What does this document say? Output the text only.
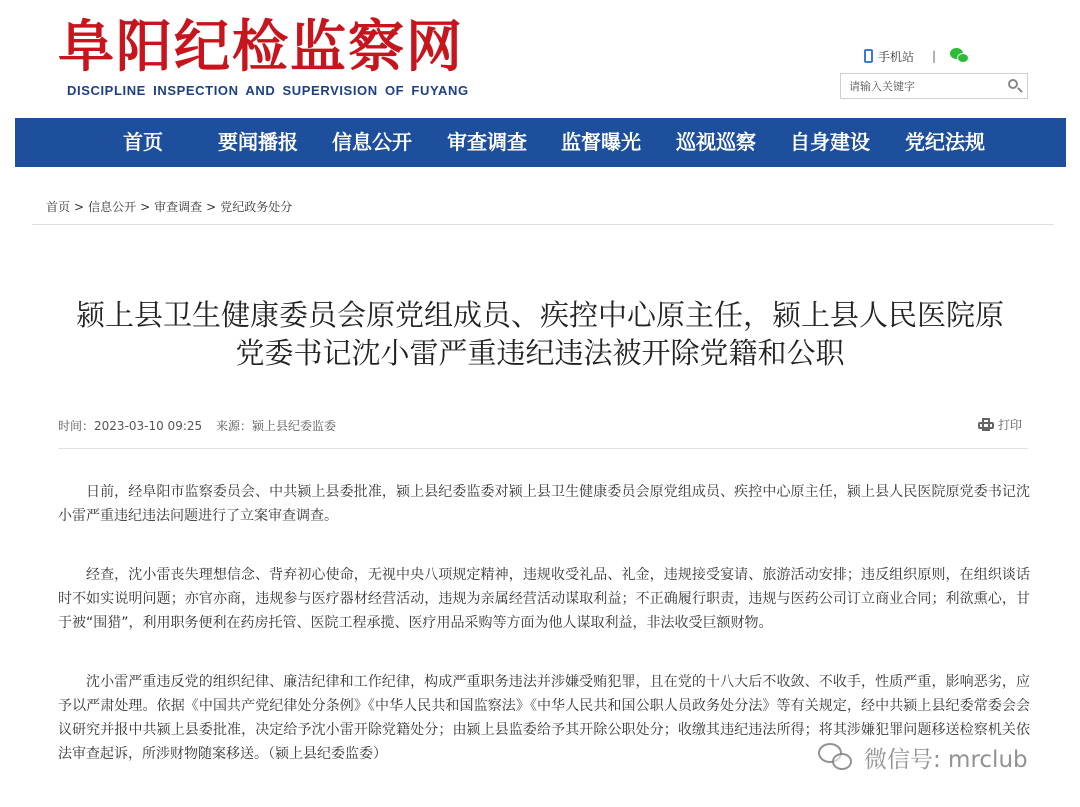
阜阳纪检监察网
DISCIPLINE INSPECTION AND SUPERVISION OF FUYANG
手机站 |
请输入关键字
首页	要闻播报 信息公开 审查调查 监督曝光 巡视巡察 自身建设 党纪法规
首页 > 信息公开 > 审查调查 > 党纪政务处分
颍上县卫生健康委员会原党组成员、疾控中心原主任，颍上县人民医院原
党委书记沈小雷严重违纪违法被开除党籍和公职
时间：2023-03-10 09:25 来源：颍上县纪委监委	打印

日前，经阜阳市监察委员会、中共颍上县委批准，颍上县纪委监委对颍上县卫生健康委员会原党组成员、疾控中心原主任，颍上县人民医院原党委书记沈小雷严重违纪违法问题进行了立案审查调查。

经查，沈小雷丧失理想信念、背弃初心使命，无视中央八项规定精神，违规收受礼品、礼金，违规接受宴请、旅游活动安排；违反组织原则，在组织谈话时不如实说明问题；亦官亦商，违规参与医疗器材经营活动，违规为亲属经营活动谋取利益；不正确履行职责，违规与医药公司订立商业合同；利欲熏心，甘于被“围猎”，利用职务便利在药房托管、医院工程承揽、医疗用品采购等方面为他人谋取利益，非法收受巨额财物。

沈小雷严重违反党的组织纪律、廉洁纪律和工作纪律，构成严重职务违法并涉嫌受贿犯罪，且在党的十八大后不收敛、不收手，性质严重，影响恶劣，应予以严肃处理。依据《中国共产党纪律处分条例》《中华人民共和国监察法》《中华人民共和国公职人员政务处分法》等有关规定，经中共颍上县纪委常委会会议研究并报中共颍上县委批准，决定给予沈小雷开除党籍处分；由颍上县监委给予其开除公职处分；收缴其违纪违法所得；将其涉嫌犯罪问题移送检察机关依法审查起诉，所涉财物随案移送。（颍上县纪委监委）	微信号: mrclub
